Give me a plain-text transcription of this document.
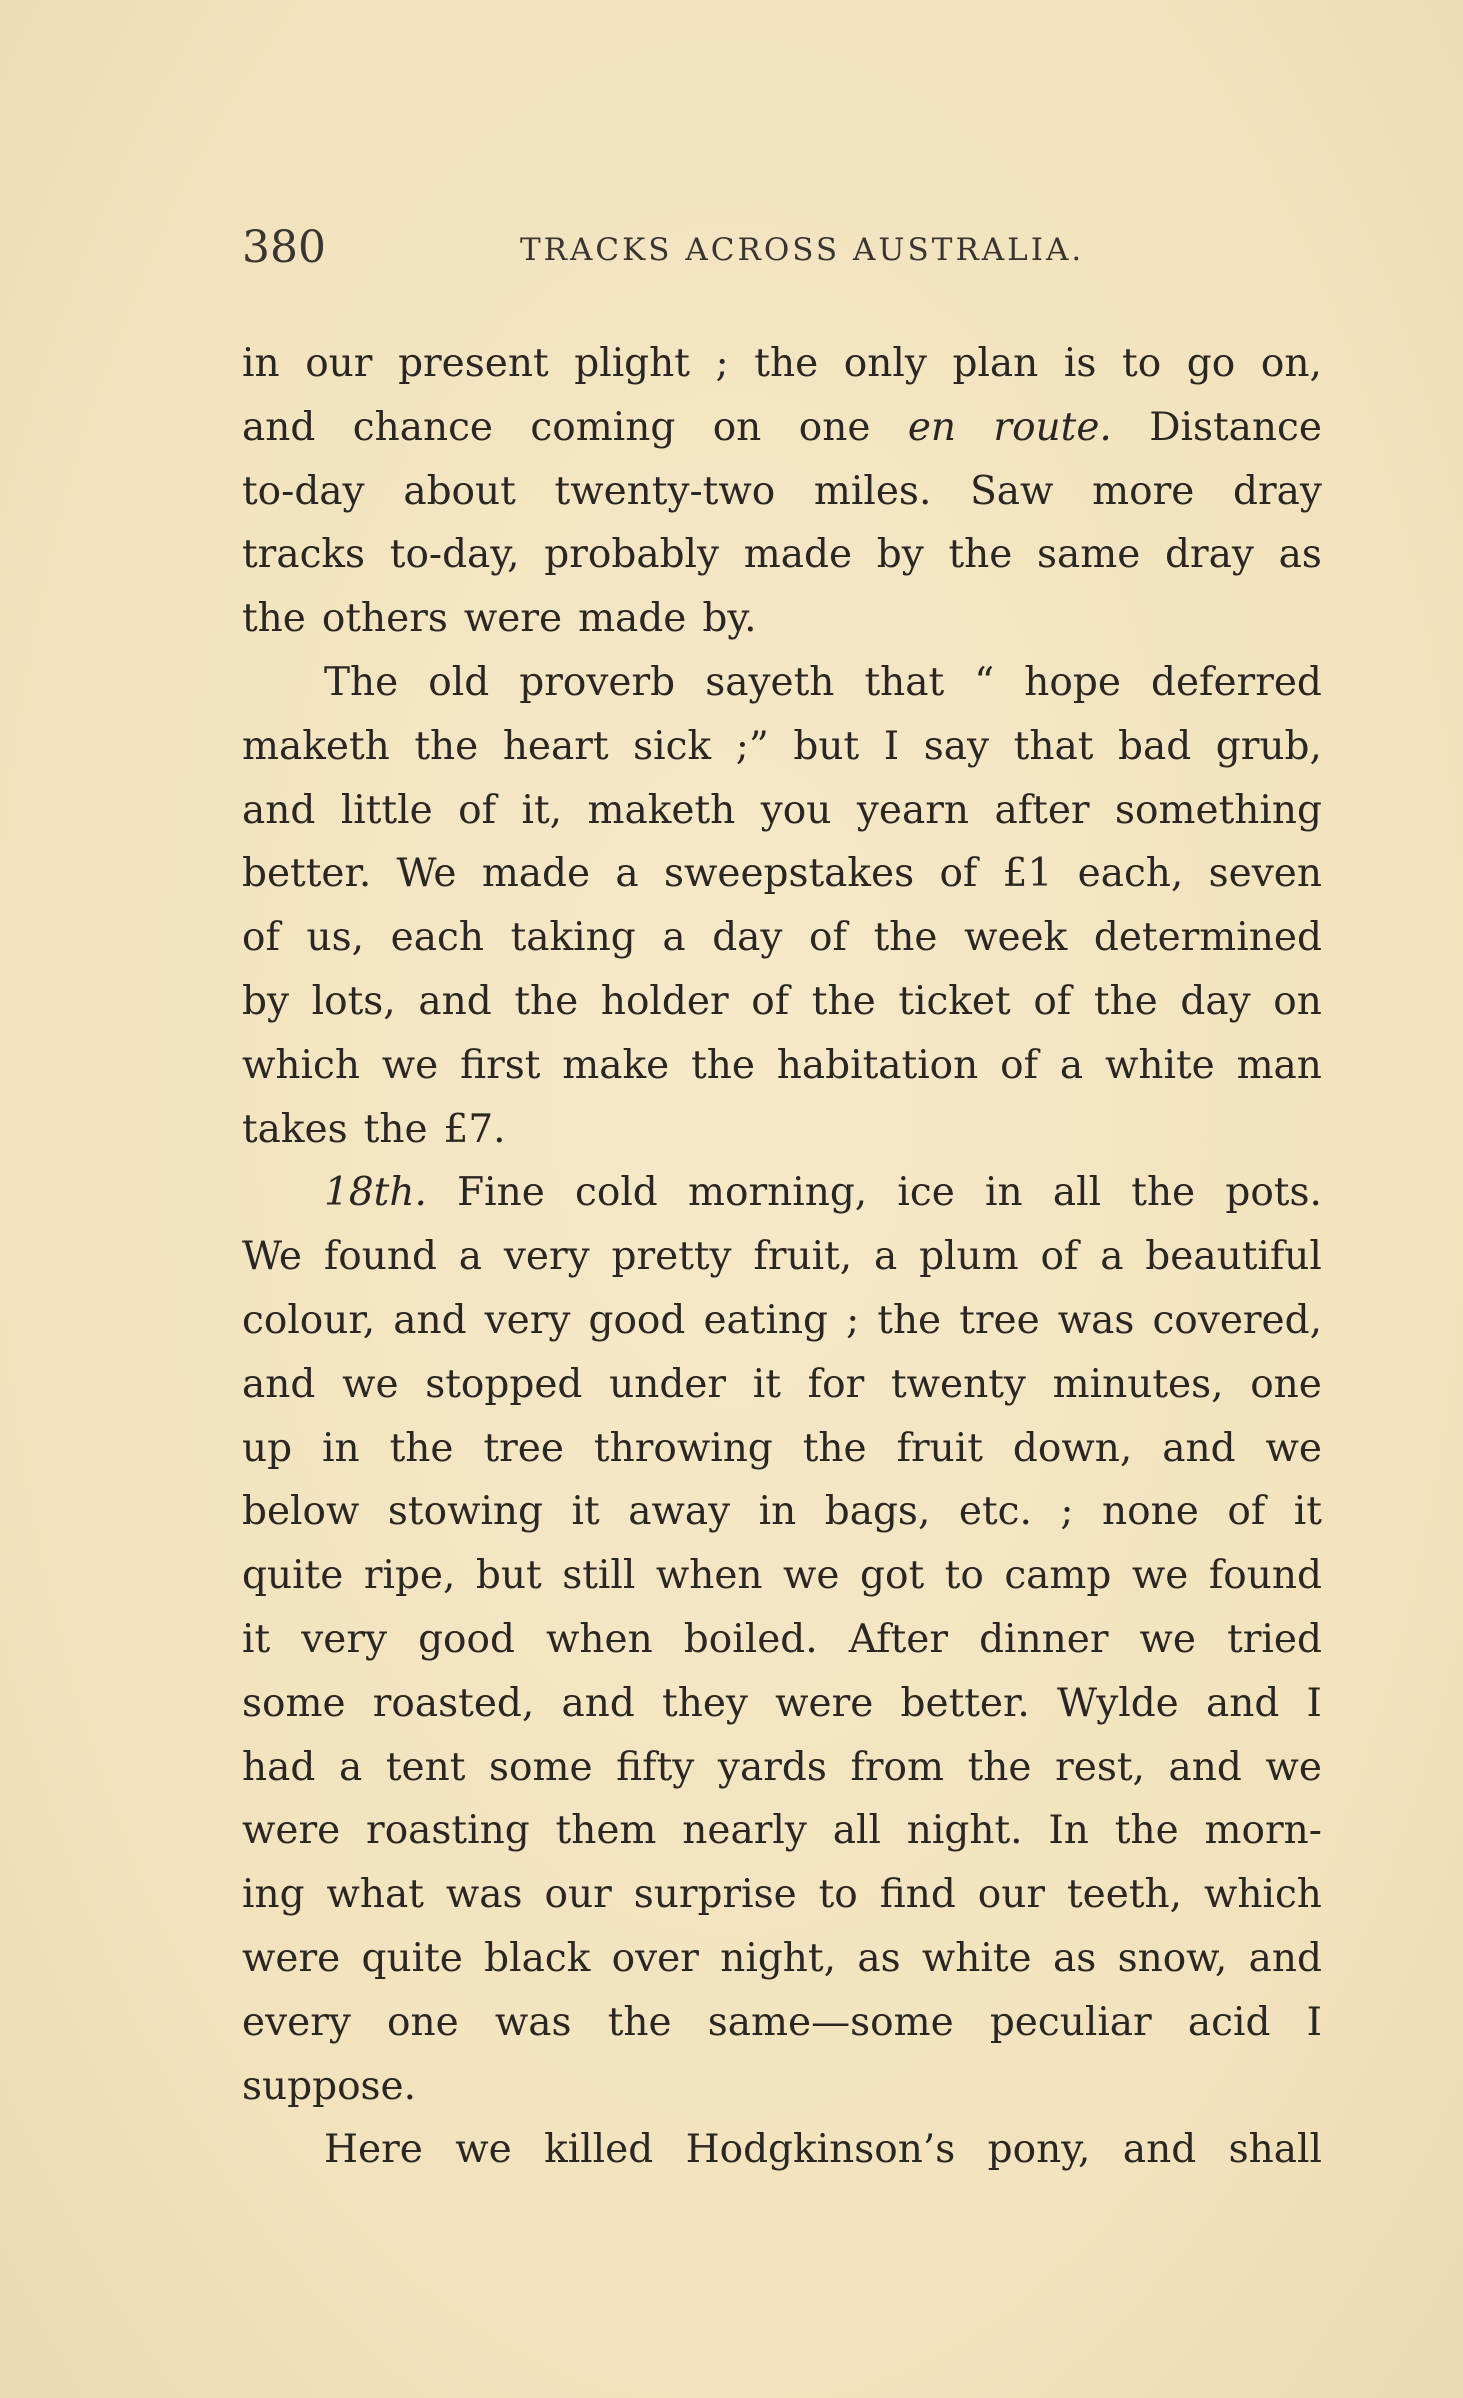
380	TRACKS ACROSS AUSTRALIA.
in our present plight ; the only plan is to go on,
and chance coming on one en route. Distance
to-day about twenty-two miles. Saw more dray
tracks to-day, probably made by the same dray as
the others were made by.
The old proverb sayeth that “ hope deferred
maketh the heart sick ;” but I say that bad grub,
and little of it, maketh you yearn after something
better. We made a sweepstakes of £1 each, seven
of us, each taking a day of the week determined
by lots, and the holder of the ticket of the day on
which we first make the habitation of a white man
takes the £7.
18th. Fine cold morning, ice in all the pots.
We found a very pretty fruit, a plum of a beautiful
colour, and very good eating ; the tree was covered,
and we stopped under it for twenty minutes, one
up in the tree throwing the fruit down, and we
below stowing it away in bags, etc. ; none of it
quite ripe, but still when we got to camp we found
it very good when boiled. After dinner we tried
some roasted, and they were better. Wylde and I
had a tent some fifty yards from the rest, and we
were roasting them nearly all night. In the morn-
ing what was our surprise to find our teeth, which
were quite black over night, as white as snow, and
every one was the same—some peculiar acid I
suppose.
Here we killed Hodgkinson’s pony, and shall
